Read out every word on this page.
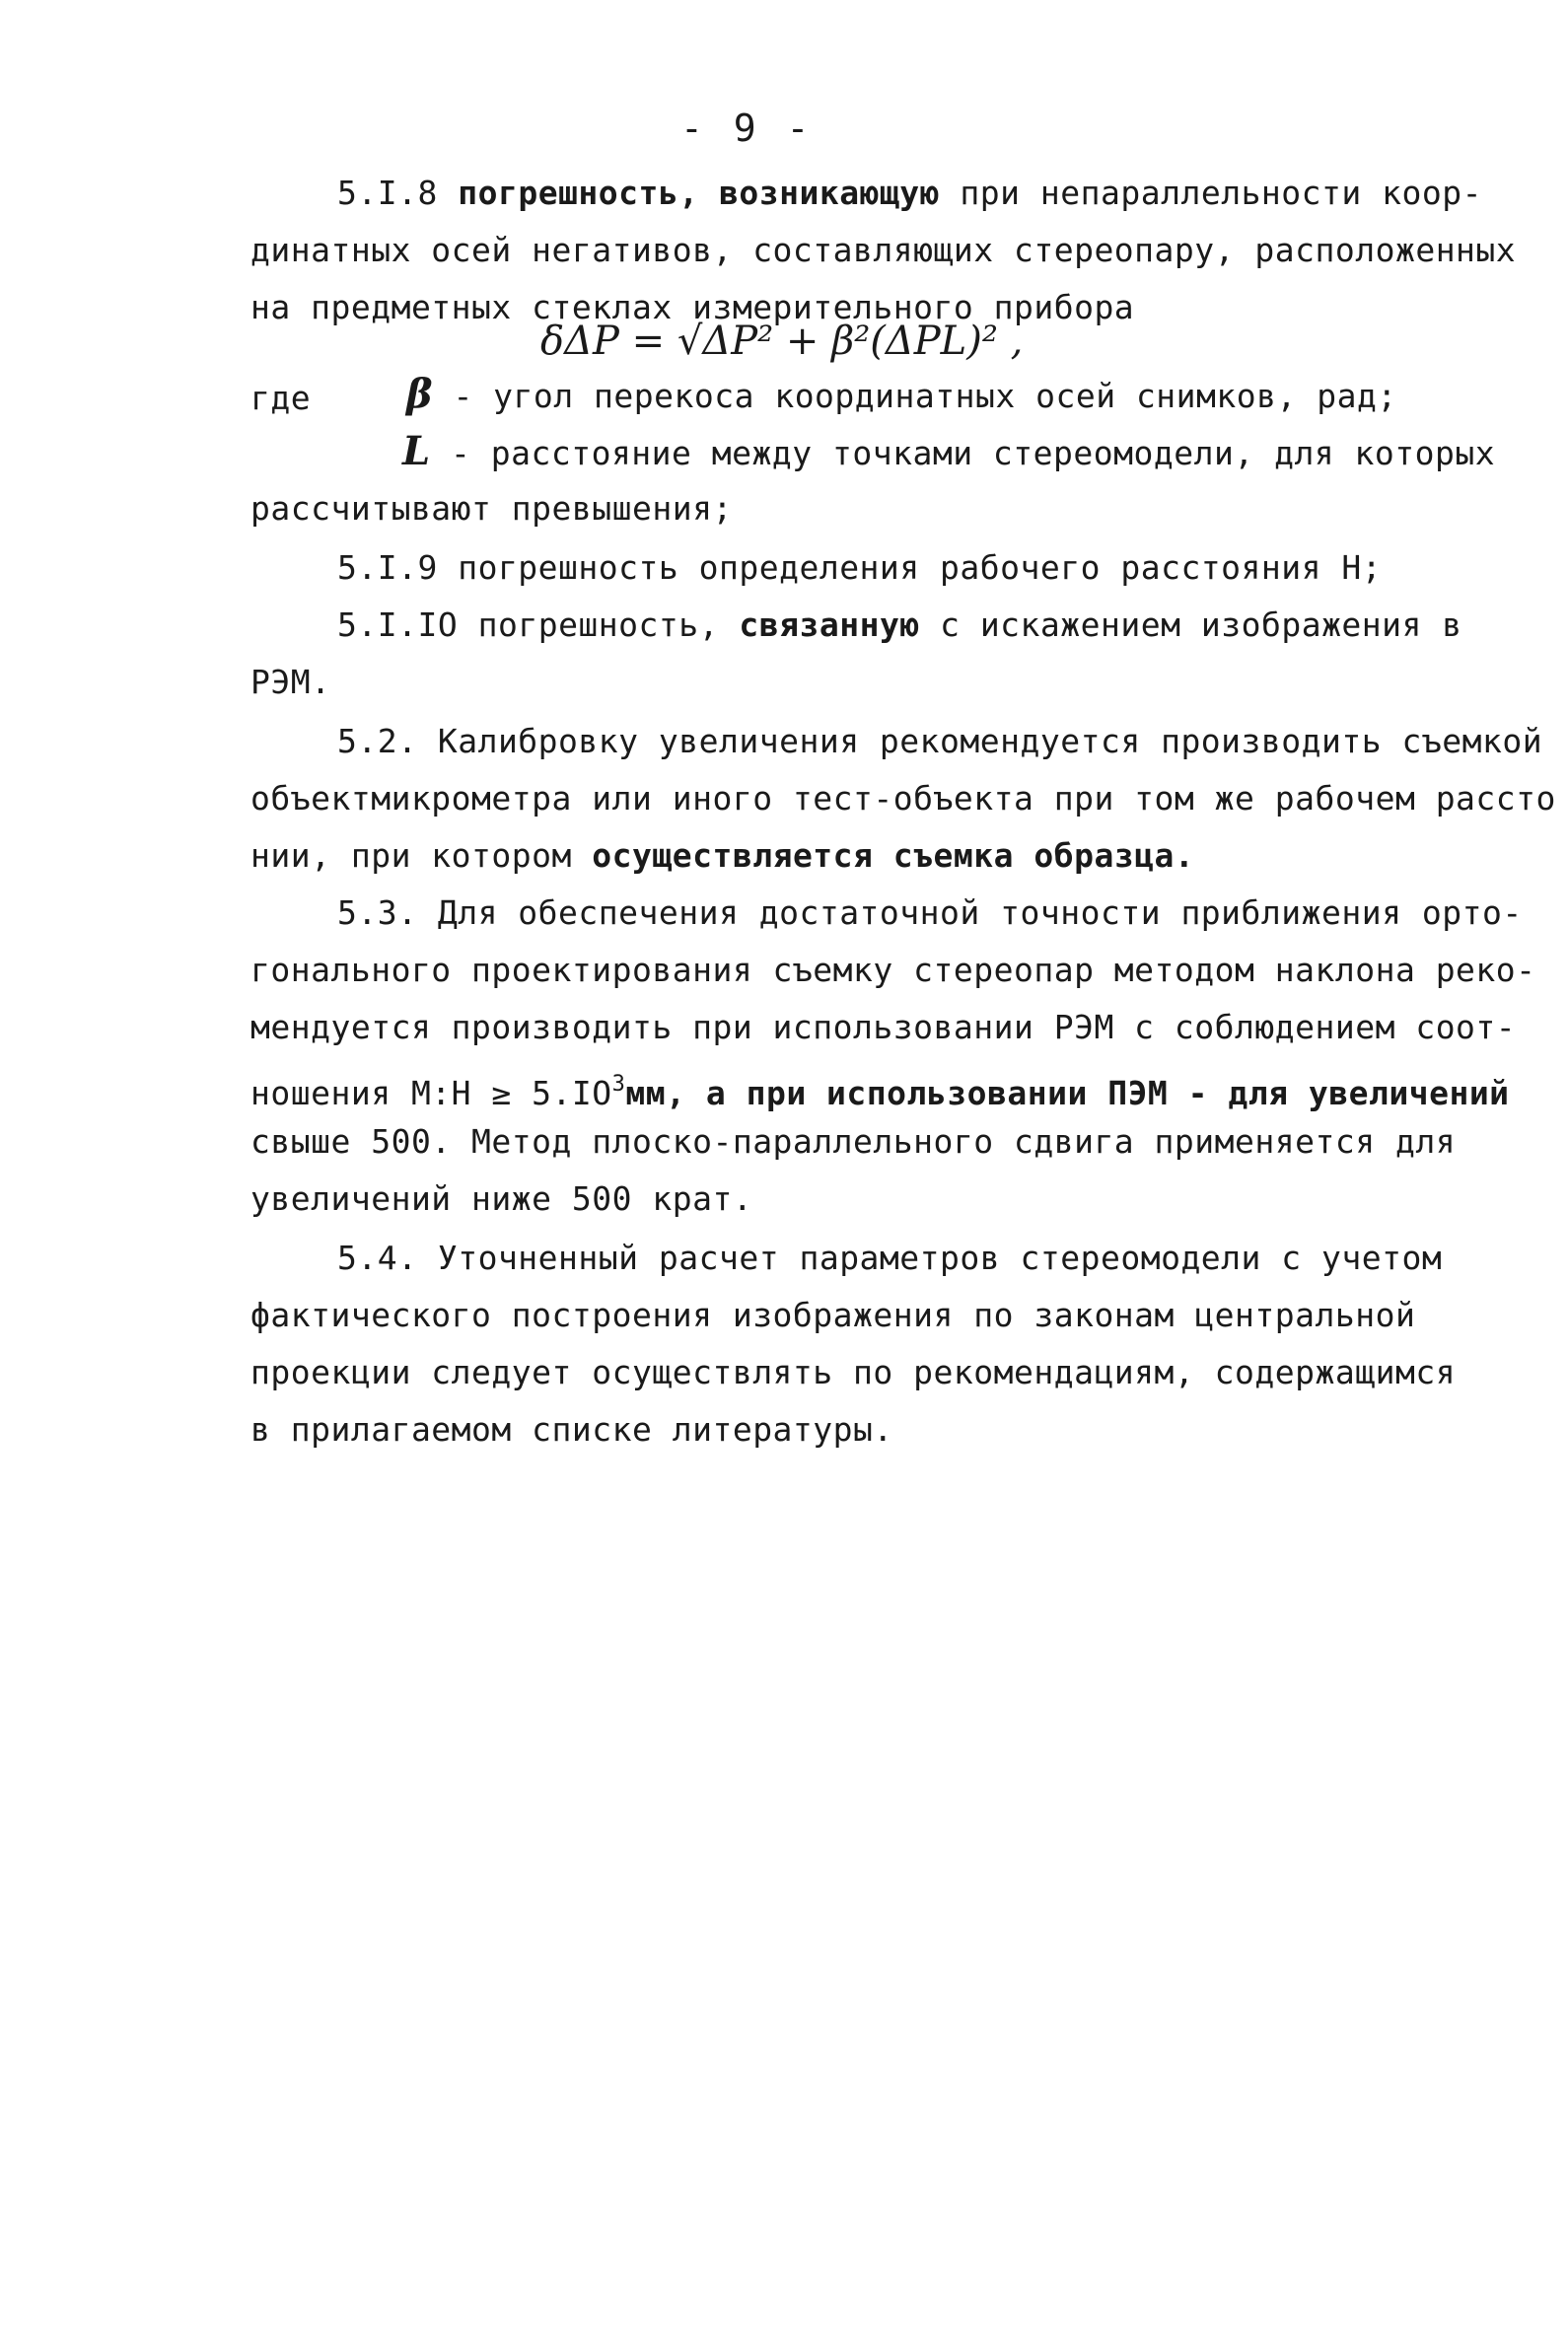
- 9 -
5.I.8 погрешность, возникающую при непараллельности коор-
динатных осей негативов, составляющих стереопару, расположенных
на предметных стеклах измерительного прибора
δΔP = √ΔP² + β²(ΔPL)² ,
где β - угол перекоса координатных осей снимков, рад;
L - расстояние между точками стереомодели, для которых
рассчитывают превышения;
5.I.9 погрешность определения рабочего расстояния H;
5.I.IO погрешность, связанную с искажением изображения в
РЭМ.
5.2. Калибровку увеличения рекомендуется производить съемкой
объектмикрометра или иного тест-объекта при том же рабочем рассто
нии, при котором осуществляется съемка образца.
5.3. Для обеспечения достаточной точности приближения орто-
гонального проектирования съемку стереопар методом наклона реко-
мендуется производить при использовании РЭМ с соблюдением соот-
ношения M:H ≥ $5.IO^3мм$, а при использовании ПЭМ - для увеличений
свыше 500. Метод плоско-параллельного сдвига применяется для
увеличений ниже 500 крат.
5.4. Уточненный расчет параметров стереомодели с учетом
фактического построения изображения по законам центральной
проекции следует осуществлять по рекомендациям, содержащимся
в прилагаемом списке литературы.
